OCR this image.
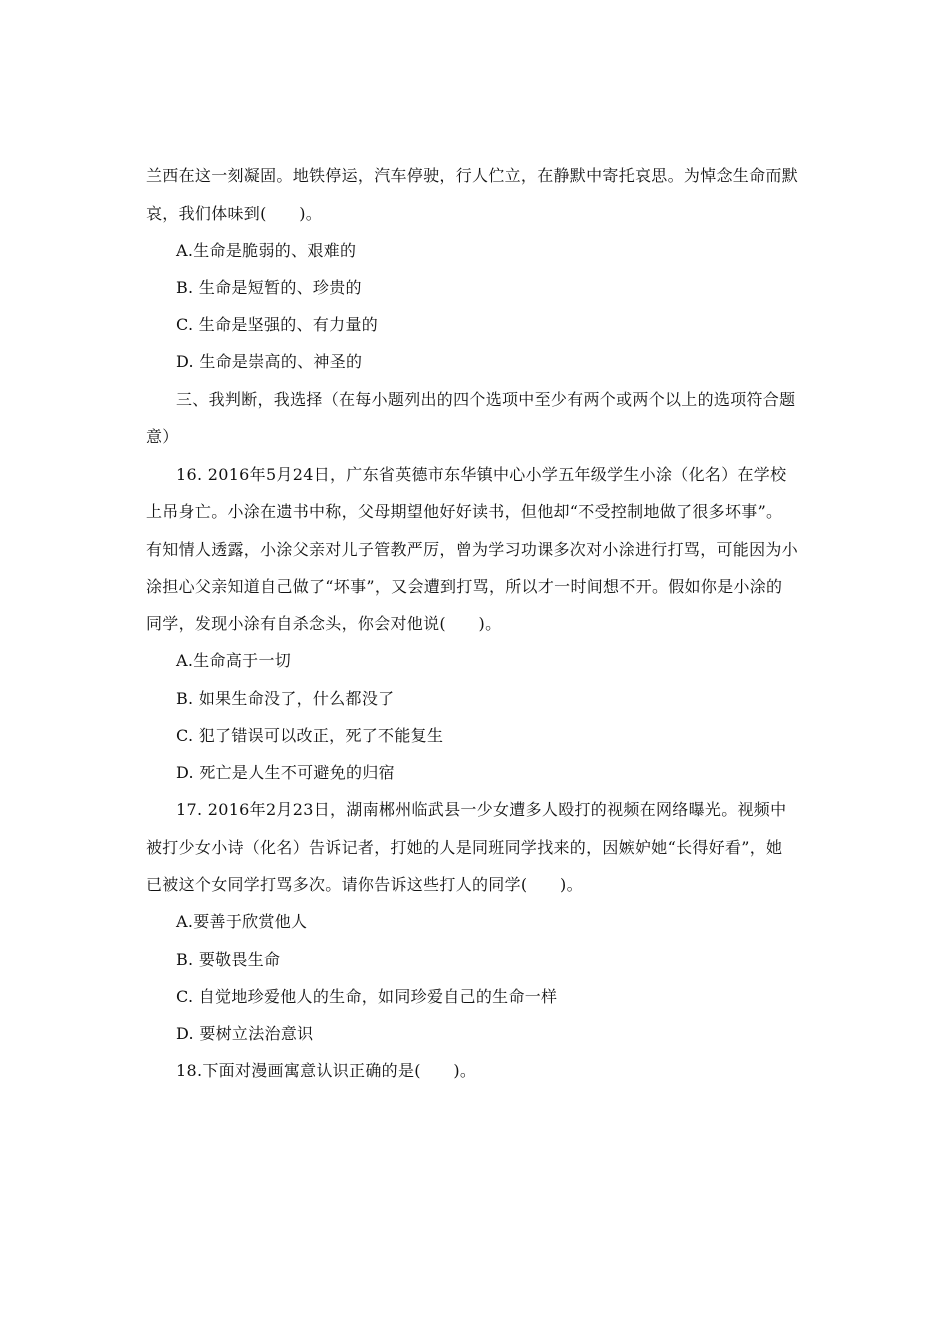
兰西在这一刻凝固。地铁停运，汽车停驶，行人伫立，在静默中寄托哀思。为悼念生命而默
哀，我们体味到(　　)。
A.生命是脆弱的、艰难的
B. 生命是短暂的、珍贵的
C. 生命是坚强的、有力量的
D. 生命是崇高的、神圣的
三、我判断，我选择（在每小题列出的四个选项中至少有两个或两个以上的选项符合题
意）
16. 2016年5月24日，广东省英德市东华镇中心小学五年级学生小涂（化名）在学校
上吊身亡。小涂在遗书中称，父母期望他好好读书，但他却“不受控制地做了很多坏事”。
有知情人透露，小涂父亲对儿子管教严厉，曾为学习功课多次对小涂进行打骂，可能因为小
涂担心父亲知道自己做了“坏事”，又会遭到打骂，所以才一时间想不开。假如你是小涂的
同学，发现小涂有自杀念头，你会对他说(　　)。
A.生命高于一切
B. 如果生命没了，什么都没了
C. 犯了错误可以改正，死了不能复生
D. 死亡是人生不可避免的归宿
17. 2016年2月23日，湖南郴州临武县一少女遭多人殴打的视频在网络曝光。视频中
被打少女小诗（化名）告诉记者，打她的人是同班同学找来的，因嫉妒她“长得好看”，她
已被这个女同学打骂多次。请你告诉这些打人的同学(　　)。
A.要善于欣赏他人
B. 要敬畏生命
C. 自觉地珍爱他人的生命，如同珍爱自己的生命一样
D. 要树立法治意识
18.下面对漫画寓意认识正确的是(　　)。
